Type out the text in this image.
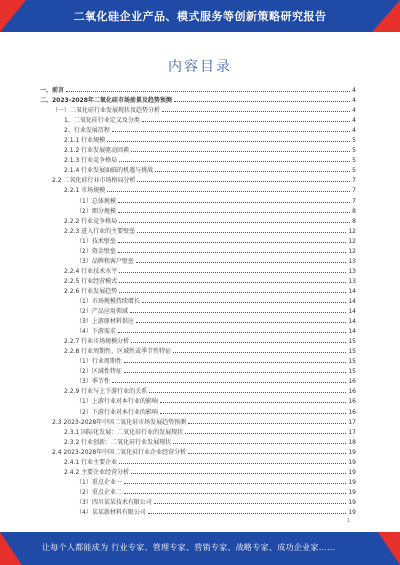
二氧化硅企业产品、模式服务等创新策略研究报告
内容目录
一、前言	4
二、2023-2028年二氧化硅市场前景及趋势预测	4
（一）二氧化硅行业发展现状及趋势分析	4
1、二氧化硅行业定义及分类	4
2、行业发展历程	4
2.1.1 行业规模	5
2.1.2 行业发展驱动因素	5
2.1.3 行业竞争格局	5
2.1.4 行业发展面临的机遇与挑战	5
2.2 二氧化硅行业市场格局分析	7
2.2.1 市场规模	7
（1）总体规模	7
（2）细分规模	8
2.2.2 行业竞争格局	8
2.2.3 进入行业的主要壁垒	12
（1）技术壁垒	12
（2）资金壁垒	12
（3）品牌和客户壁垒	13
2.2.4 行业技术水平	13
2.2.5 行业经营模式	13
2.2.6 行业发展趋势	14
（1）市场规模持续增长	14
（2）产品应用领域	14
（3）上游原材料供应	14
（4）下游需求	14
2.2.7 行业市场规模分析	15
2.2.8 行业周期性、区域性或季节性特征	15
（1）行业周期性	15
（2）区域性特征	15
（3）季节性	16
2.2.9 行业与上下游行业的关系	16
（1）上游行业对本行业的影响	16
（2）下游行业对本行业的影响	16
2.3 2023-2028年中国二氧化硅市场发展趋势预测	17
2.3.1 国际化发展：二氧化硅行业的发展现状	17
2.3.2 行业创新：二氧化硅行业发展现状	18
2.4 2023-2028年中国二氧化硅行业企业经营分析	19
2.4.1 行业主要企业	19
2.4.2 主要企业经营分析	19
（1）重点企业一	19
（2）重点企业二	19
（3）四川某某技术有限公司	19
（4）某某新材料有限公司	19
1
让每个人都能成为 行业专家、管理专家、营销专家、战略专家、成功企业家……
